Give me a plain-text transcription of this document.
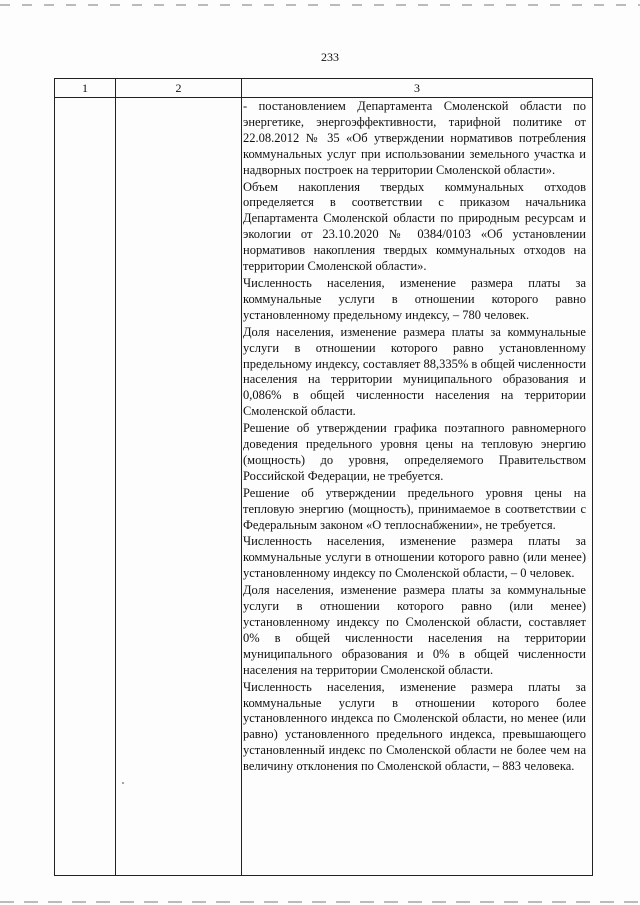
233
1	2	3

- постановлением Департамента Смоленской области по энергетике, энергоэффективности, тарифной политике от 22.08.2012 № 35 «Об утверждении нормативов потребления коммунальных услуг при использовании земельного участка и надворных построек на территории Смоленской области».

Объем накопления твердых коммунальных отходов определяется в соответствии с приказом начальника Департамента Смоленской области по природным ресурсам и экологии от 23.10.2020 № 0384/0103 «Об установлении нормативов накопления твердых коммунальных отходов на территории Смоленской области».

Численность населения, изменение размера платы за коммунальные услуги в отношении которого равно установленному предельному индексу, – 780 человек.

Доля населения, изменение размера платы за коммунальные услуги в отношении которого равно установленному предельному индексу, составляет 88,335% в общей численности населения на территории муниципального образования и 0,086% в общей численности населения на территории Смоленской области.

Решение об утверждении графика поэтапного равномерного доведения предельного уровня цены на тепловую энергию (мощность) до уровня, определяемого Правительством Российской Федерации, не требуется.

Решение об утверждении предельного уровня цены на тепловую энергию (мощность), принимаемое в соответствии с Федеральным законом «О теплоснабжении», не требуется.

Численность населения, изменение размера платы за коммунальные услуги в отношении которого равно (или менее) установленному индексу по Смоленской области, – 0 человек.

Доля населения, изменение размера платы за коммунальные услуги в отношении которого равно (или менее) установленному индексу по Смоленской области, составляет 0% в общей численности населения на территории муниципального образования и 0% в общей численности населения на территории Смоленской области.

Численность населения, изменение размера платы за коммунальные услуги в отношении которого более установленного индекса по Смоленской области, но менее (или равно) установленного предельного индекса, превышающего установленный индекс по Смоленской области не более чем на величину отклонения по Смоленской области, – 883 человека.
